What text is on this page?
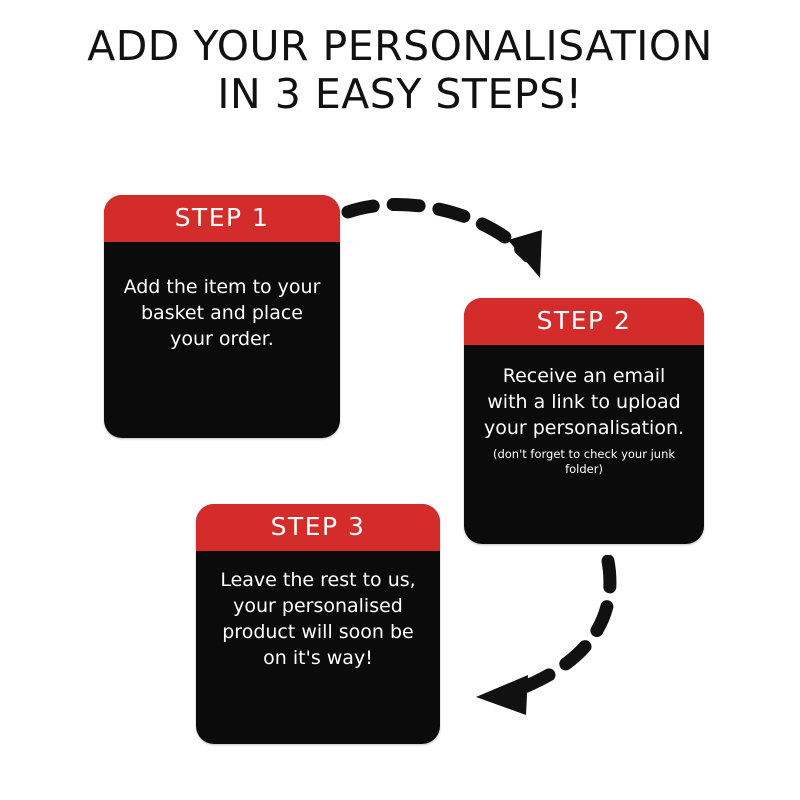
ADD YOUR PERSONALISATION
IN 3 EASY STEPS!
STEP 1
Add the item to your basket and place your order.
STEP 2
Receive an email with a link to upload your personalisation.
(don't forget to check your junk folder)
STEP 3
Leave the rest to us, your personalised product will soon be on it's way!
